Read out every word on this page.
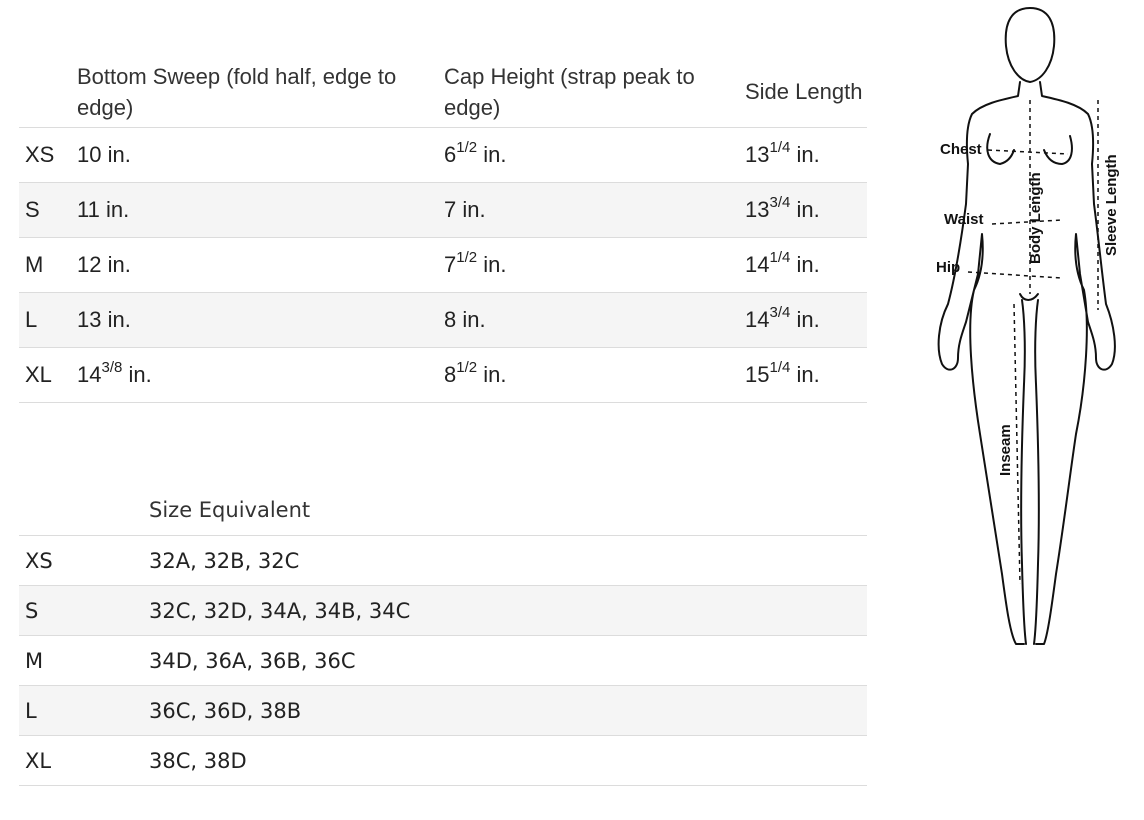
	Bottom Sweep (fold half, edge to edge)	Cap Height (strap peak to edge)	Side Length
XS	10 in.	$6^{1/2}$ in.	$13^{1/4}$ in.
S	11 in.	7 in.	$13^{3/4}$ in.
M	12 in.	$7^{1/2}$ in.	$14^{1/4}$ in.
L	13 in.	8 in.	$14^{3/4}$ in.
XL	$14^{3/8}$ in.	$8^{1/2}$ in.	$15^{1/4}$ in.
	Size Equivalent
XS	32A, 32B, 32C
S	32C, 32D, 34A, 34B, 34C
M	34D, 36A, 36B, 36C
L	36C, 36D, 38B
XL	38C, 38D
Chest
Waist
Hip
Body Length	Sleeve Length
Inseam
